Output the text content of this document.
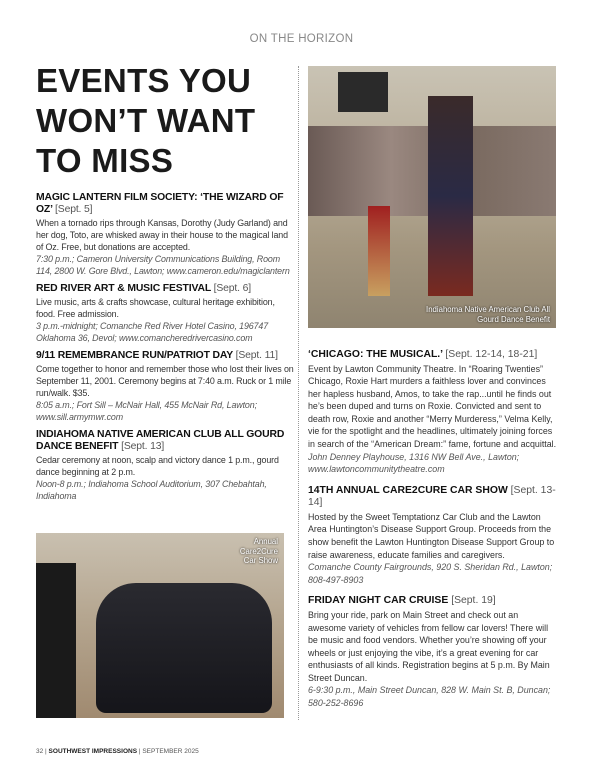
ON THE HORIZON
EVENTS YOU WON’T WANT TO MISS
MAGIC LANTERN FILM SOCIETY: ‘THE WIZARD OF OZ’ [Sept. 5]

When a tornado rips through Kansas, Dorothy (Judy Garland) and her dog, Toto, are whisked away in their house to the magical land of Oz. Free, but donations are accepted.

7:30 p.m.; Cameron University Communications Building, Room 114, 2800 W. Gore Blvd., Lawton; www.cameron.edu/magiclantern

RED RIVER ART & MUSIC FESTIVAL [Sept. 6]

Live music, arts & crafts showcase, cultural heritage exhibition, food. Free admission.

3 p.m.-midnight; Comanche Red River Hotel Casino, 196747 Oklahoma 36, Devol; www.comancheredrivercasino.com

9/11 REMEMBRANCE RUN/PATRIOT DAY [Sept. 11]

Come together to honor and remember those who lost their lives on September 11, 2001. Ceremony begins at 7:40 a.m. Ruck or 1 mile run/walk. $35.

8:05 a.m.; Fort Sill – McNair Hall, 455 McNair Rd, Lawton; www.sill.armymwr.com

INDIAHOMA NATIVE AMERICAN CLUB ALL GOURD DANCE BENEFIT [Sept. 13]

Cedar ceremony at noon, scalp and victory dance 1 p.m., gourd dance beginning at 2 p.m.

Noon-8 p.m.; Indiahoma School Auditorium, 307 Chebahtah, Indiahoma

Indiahoma Native American Club All Gourd Dance Benefit
Annual Care2Cure Car Show
‘CHICAGO: THE MUSICAL.’ [Sept. 12-14, 18-21]

Event by Lawton Community Theatre. In “Roaring Twenties” Chicago, Roxie Hart murders a faithless lover and convinces her hapless husband, Amos, to take the rap...until he finds out he’s been duped and turns on Roxie. Convicted and sent to death row, Roxie and another “Merry Murderess,” Velma Kelly, vie for the spotlight and the headlines, ultimately joining forces in search of the “American Dream:” fame, fortune and acquittal.

John Denney Playhouse, 1316 NW Bell Ave., Lawton; www.lawtoncommunitytheatre.com

14TH ANNUAL CARE2CURE CAR SHOW [Sept. 13-14]

Hosted by the Sweet Temptationz Car Club and the Lawton Area Huntington’s Disease Support Group. Proceeds from the show benefit the Lawton Huntington Disease Support Group to raise awareness, educate families and caregivers.

Comanche County Fairgrounds, 920 S. Sheridan Rd., Lawton; 808-497-8903

FRIDAY NIGHT CAR CRUISE [Sept. 19]

Bring your ride, park on Main Street and check out an awesome variety of vehicles from fellow car lovers! There will be music and food vendors. Whether you’re showing off your wheels or just enjoying the vibe, it’s a great evening for car enthusiasts of all kinds. Registration begins at 5 p.m. By Main Street Duncan.

6-9:30 p.m., Main Street Duncan, 828 W. Main St. B, Duncan; 580-252-8696

32 | SOUTHWEST IMPRESSIONS | SEPTEMBER 2025
